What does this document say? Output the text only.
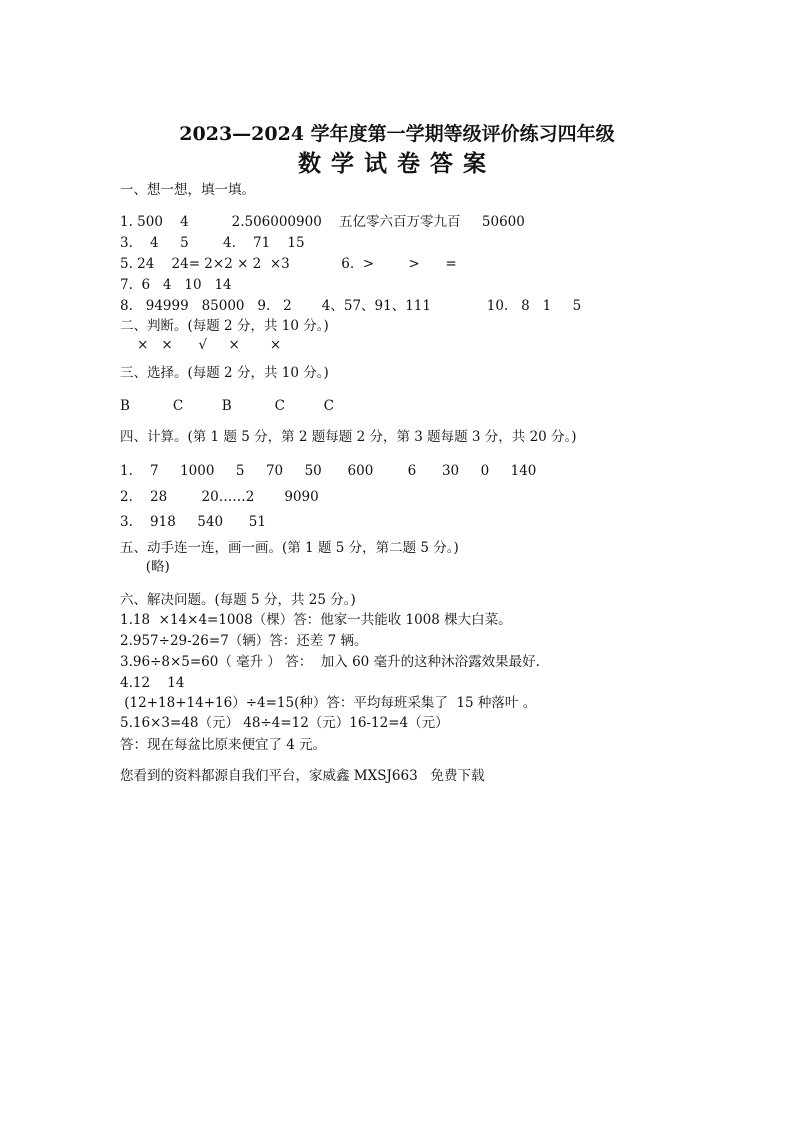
2023—2024 学年度第一学期等级评价练习四年级
数学试卷答案
一、想一想，填一填。
1. 500    4          2.506000900    五亿零六百万零九百     50600
3.    4     5        4.    71    15
5. 24    24= 2×2 × 2  ×3            6.  >        >      =
7.  6   4   10   14
8.   94999   85000   9.   2       4、57、91、111             10.   8   1     5
二、判断。(每题 2 分，共 10 分。)
×   ×      √     ×       ×
三、选择。(每题 2 分，共 10 分。)
B          C         B          C         C
四、计算。(第 1 题 5 分，第 2 题每题 2 分，第 3 题每题 3 分，共 20 分。)
1.    7     1000     5     70     50      600        6      30     0     140
2.    28        20……2       9090
3.    918     540      51
五、动手连一连，画一画。(第 1 题 5 分，第二题 5 分。)
(略)
六、解决问题。(每题 5 分，共 25 分。)
1.18  ×14×4=1008（棵）答：他家一共能收 1008 棵大白菜。
2.957÷29-26=7（辆）答：还差 7 辆。
3.96÷8×5=60（ 毫升 ） 答：  加入 60 毫升的这种沐浴露效果最好.
4.12    14
(12+18+14+16）÷4=15(种）答：平均每班采集了  15 种落叶 。
5.16×3=48（元） 48÷4=12（元）16-12=4（元）
答：现在每盆比原来便宜了 4 元。
您看到的资料都源自我们平台，家威鑫 MXSJ663   免费下载
